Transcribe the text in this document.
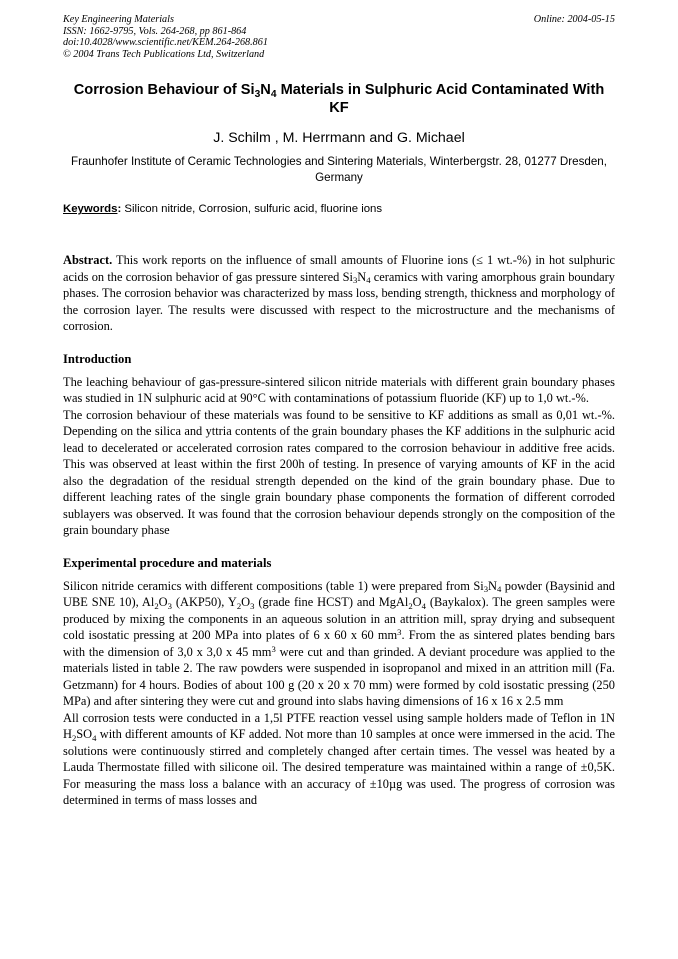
Key Engineering Materials
ISSN: 1662-9795, Vols. 264-268, pp 861-864
doi:10.4028/www.scientific.net/KEM.264-268.861
© 2004 Trans Tech Publications Ltd, Switzerland
Online: 2004-05-15
Corrosion Behaviour of $Si_3N_4$ Materials in Sulphuric Acid Contaminated With KF
J. Schilm , M. Herrmann and G. Michael
Fraunhofer Institute of Ceramic Technologies and Sintering Materials, Winterbergstr. 28, 01277 Dresden, Germany
Keywords: Silicon nitride, Corrosion, sulfuric acid, fluorine ions

Abstract. This work reports on the influence of small amounts of Fluorine ions (≤ 1 wt.-%) in hot sulphuric acids on the corrosion behavior of gas pressure sintered $Si_3N_4$ ceramics with varing amorphous grain boundary phases. The corrosion behavior was characterized by mass loss, bending strength, thickness and morphology of the corrosion layer. The results were discussed with respect to the microstructure and the mechanisms of corrosion.

Introduction

The leaching behaviour of gas-pressure-sintered silicon nitride materials with different grain boundary phases was studied in 1N sulphuric acid at 90°C with contaminations of potassium fluoride (KF) up to 1,0 wt.-%.

The corrosion behaviour of these materials was found to be sensitive to KF additions as small as 0,01 wt.-%. Depending on the silica and yttria contents of the grain boundary phases the KF additions in the sulphuric acid lead to decelerated or accelerated corrosion rates compared to the corrosion behaviour in additive free acids. This was observed at least within the first 200h of testing. In presence of varying amounts of KF in the acid also the degradation of the residual strength depended on the kind of the grain boundary phase. Due to different leaching rates of the single grain boundary phase components the formation of different corroded sublayers was observed. It was found that the corrosion behaviour depends strongly on the composition of the grain boundary phase

Experimental procedure and materials

Silicon nitride ceramics with different compositions (table 1) were prepared from $Si_3N_4$ powder (Baysinid and UBE SNE 10), $Al_2O_3$ (AKP50), $Y_2O_3$ (grade fine HCST) and $MgAl_2O_4$ (Baykalox). The green samples were produced by mixing the components in an aqueous solution in an attrition mill, spray drying and subsequent cold isostatic pressing at 200 MPa into plates of 6 x 60 x 60 $mm^3$. From the as sintered plates bending bars with the dimension of 3,0 x 3,0 x 45 $mm^3$ were cut and than grinded. A deviant procedure was applied to the materials listed in table 2. The raw powders were suspended in isopropanol and mixed in an attrition mill (Fa. Getzmann) for 4 hours. Bodies of about 100 g (20 x 20 x 70 mm) were formed by cold isostatic pressing (250 MPa) and after sintering they were cut and ground into slabs having dimensions of 16 x 16 x 2.5 mm

All corrosion tests were conducted in a 1,5l PTFE reaction vessel using sample holders made of Teflon in 1N $H_2SO_4$ with different amounts of KF added. Not more than 10 samples at once were immersed in the acid. The solutions were continuously stirred and completely changed after certain times. The vessel was heated by a Lauda Thermostate filled with silicone oil. The desired temperature was maintained within a range of ±0,5K. For measuring the mass loss a balance with an accuracy of ±10µg was used. The progress of corrosion was determined in terms of mass losses and
